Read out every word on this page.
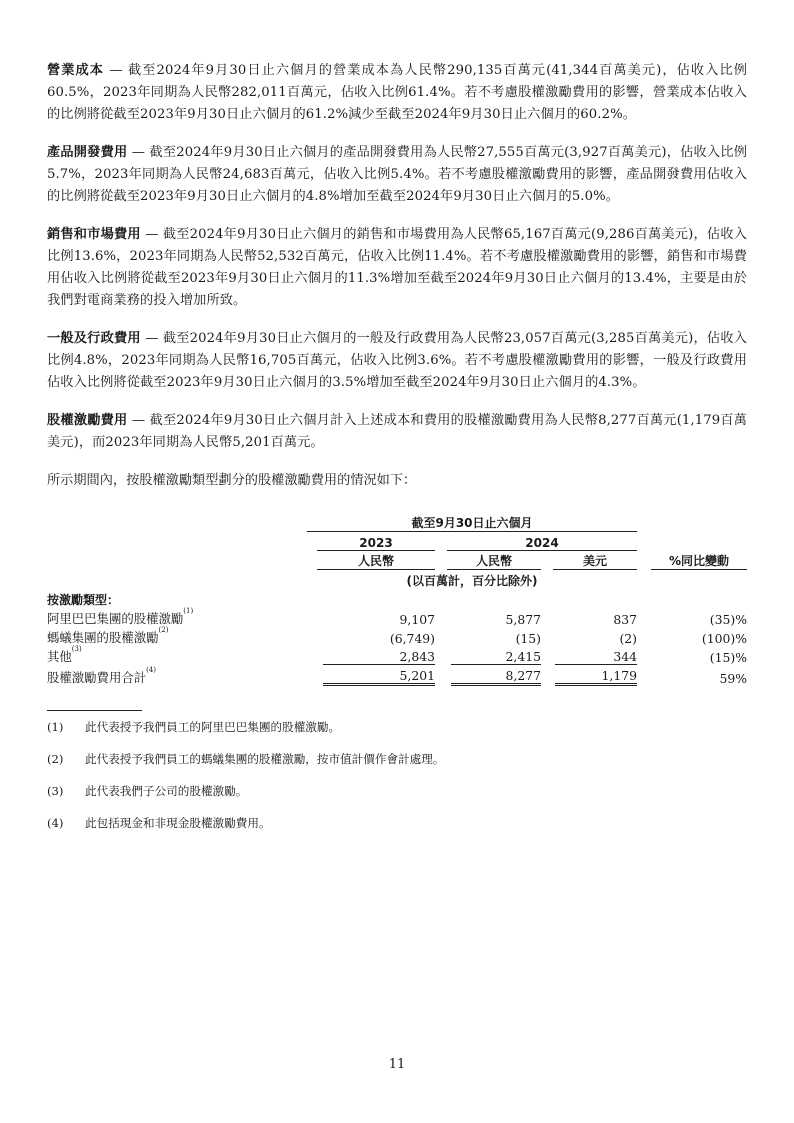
營業成本 — 截至2024年9月30日止六個月的營業成本為人民幣290,135百萬元(41,344百萬美元)，佔收入比例60.5%，2023年同期為人民幣282,011百萬元，佔收入比例61.4%。若不考慮股權激勵費用的影響，營業成本佔收入的比例將從截至2023年9月30日止六個月的61.2%減少至截至2024年9月30日止六個月的60.2%。

產品開發費用 — 截至2024年9月30日止六個月的產品開發費用為人民幣27,555百萬元(3,927百萬美元)，佔收入比例5.7%，2023年同期為人民幣24,683百萬元，佔收入比例5.4%。若不考慮股權激勵費用的影響，產品開發費用佔收入的比例將從截至2023年9月30日止六個月的4.8%增加至截至2024年9月30日止六個月的5.0%。

銷售和市場費用 — 截至2024年9月30日止六個月的銷售和市場費用為人民幣65,167百萬元(9,286百萬美元)，佔收入比例13.6%，2023年同期為人民幣52,532百萬元，佔收入比例11.4%。若不考慮股權激勵費用的影響，銷售和市場費用佔收入比例將從截至2023年9月30日止六個月的11.3%增加至截至2024年9月30日止六個月的13.4%，主要是由於我們對電商業務的投入增加所致。

一般及行政費用 — 截至2024年9月30日止六個月的一般及行政費用為人民幣23,057百萬元(3,285百萬美元)，佔收入比例4.8%，2023年同期為人民幣16,705百萬元，佔收入比例3.6%。若不考慮股權激勵費用的影響，一般及行政費用佔收入比例將從截至2023年9月30日止六個月的3.5%增加至截至2024年9月30日止六個月的4.3%。

股權激勵費用 — 截至2024年9月30日止六個月計入上述成本和費用的股權激勵費用為人民幣8,277百萬元(1,179百萬美元)，而2023年同期為人民幣5,201百萬元。

所示期間內，按股權激勵類型劃分的股權激勵費用的情況如下：

	截至9月30日止六個月			

	2023	2024		

	人民幣	人民幣	美元	%同比變動

	(以百萬計，百分比除外)			
按激勵類型：				
阿里巴巴集團的股權激勵$^{(1)}$	9,107	5,877	837	(35)%
螞蟻集團的股權激勵$^{(2)}$	(6,749)	(15)	(2)	(100)%
其他$^{(3)}$	2,843	2,415	344	(15)%
股權激勵費用合計$^{(4)}$	5,201	8,277	1,179	59%
(1)	此代表授予我們員工的阿里巴巴集團的股權激勵。
(2)	此代表授予我們員工的螞蟻集團的股權激勵，按市值計價作會計處理。
(3)	此代表我們子公司的股權激勵。
(4)	此包括現金和非現金股權激勵費用。
11
